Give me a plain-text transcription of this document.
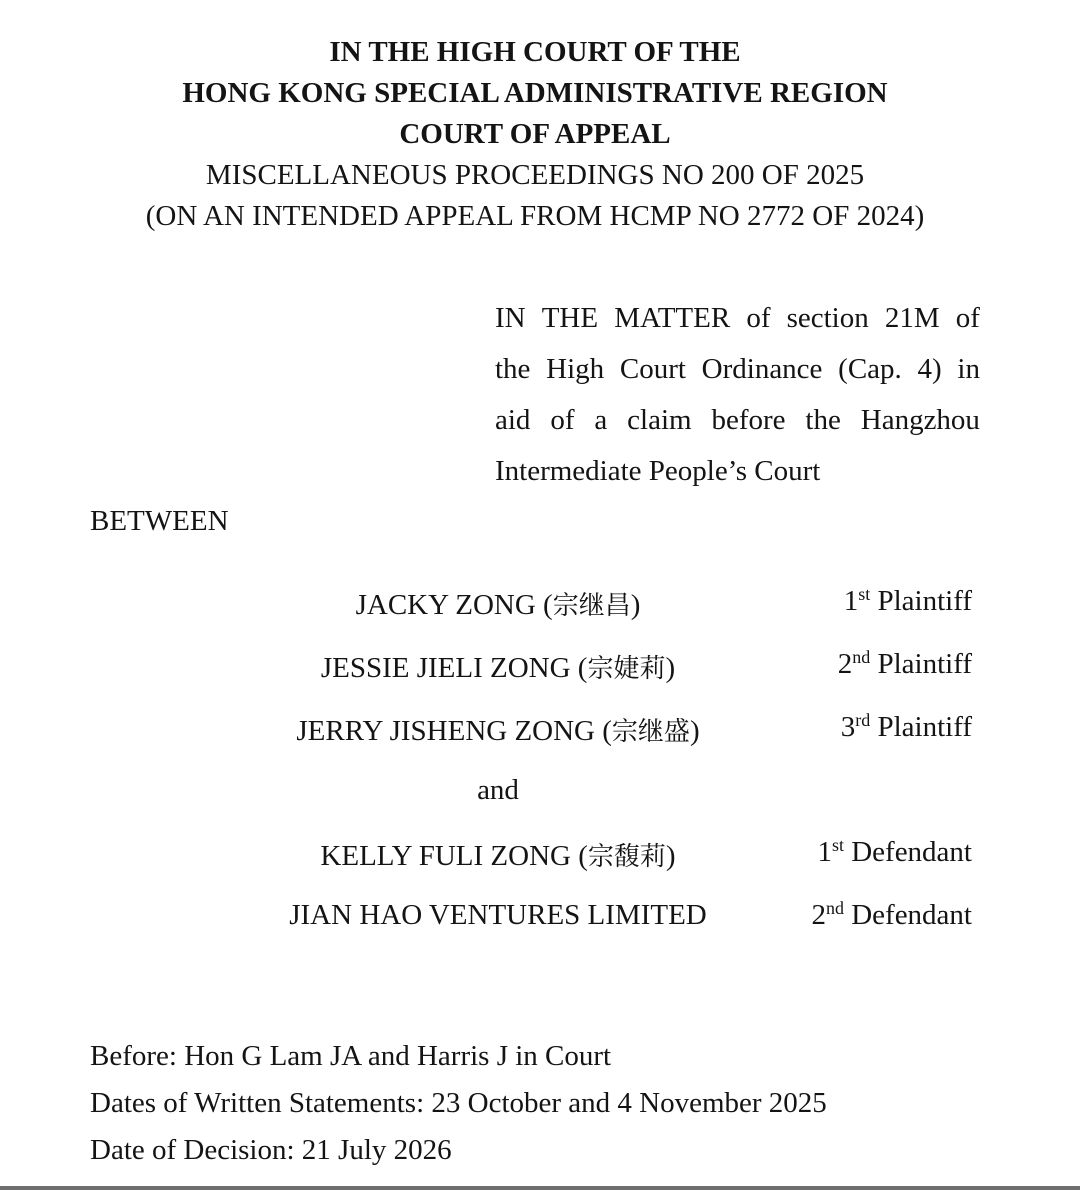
IN THE HIGH COURT OF THE
HONG KONG SPECIAL ADMINISTRATIVE REGION
COURT OF APPEAL
MISCELLANEOUS PROCEEDINGS NO 200 OF 2025
(ON AN INTENDED APPEAL FROM HCMP NO 2772 OF 2024)
IN THE MATTER of section 21M of
the High Court Ordinance (Cap. 4) in
aid of a claim before the Hangzhou
Intermediate People’s Court
BETWEEN
JACKY ZONG (宗继昌)	1st Plaintiff
JESSIE JIELI ZONG (宗婕莉)	2nd Plaintiff
JERRY JISHENG ZONG (宗继盛)	3rd Plaintiff
and
KELLY FULI ZONG (宗馥莉)	1st Defendant
JIAN HAO VENTURES LIMITED	2nd Defendant
Before: Hon G Lam JA and Harris J in Court
Dates of Written Statements: 23 October and 4 November 2025
Date of Decision: 21 July 2026
